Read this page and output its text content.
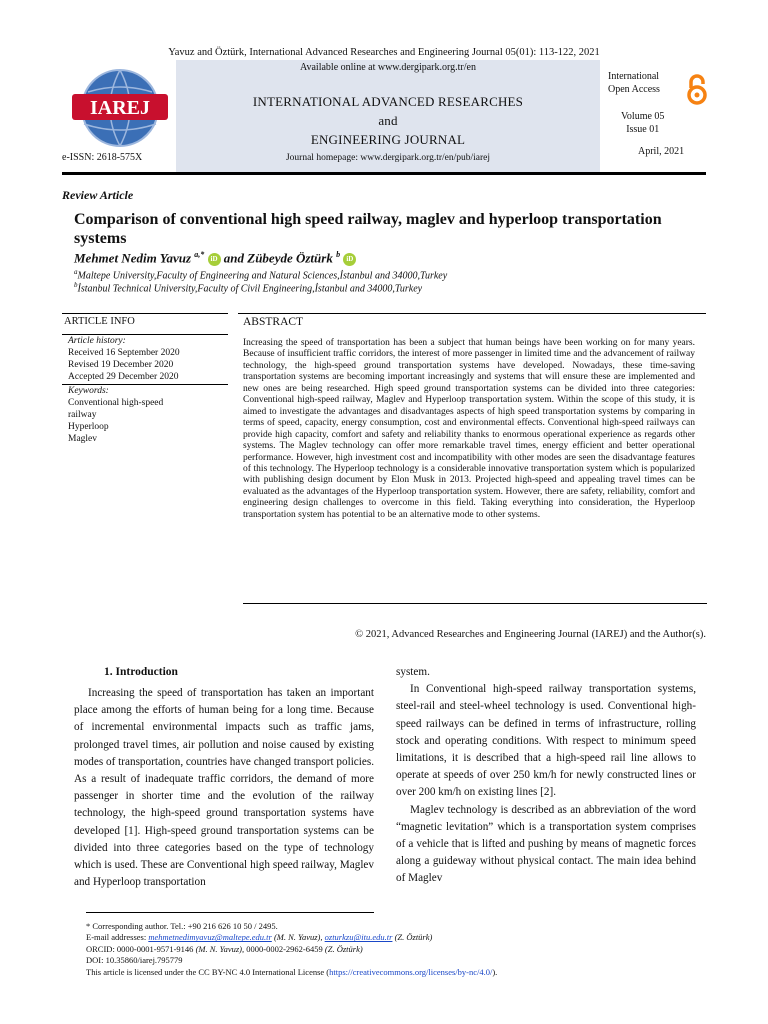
Yavuz and Öztürk, International Advanced Researches and Engineering Journal 05(01): 113-122, 2021
IAREJ
e-ISSN: 2618-575X
Available online at www.dergipark.org.tr/en
INTERNATIONAL ADVANCED RESEARCHES
and
ENGINEERING JOURNAL
Journal homepage: www.dergipark.org.tr/en/pub/iarej
International
Open Access
Volume 05
Issue 01
April, 2021
Review Article
Comparison of conventional high speed railway, maglev and hyperloop transportation systems
Mehmet Nedim Yavuz $^{a,*}$ iD and Zübeyde Öztürk $^b$ iD
$^a$Maltepe University,Faculty of Engineering and Natural Sciences,İstanbul and 34000,Turkey
$^b$İstanbul Technical University,Faculty of Civil Engineering,İstanbul and 34000,Turkey
ARTICLE INFO	ABSTRACT
Article history:
Received 16 September 2020
Revised 19 December 2020
Accepted 29 December 2020
Keywords:
Conventional high-speed railway
Hyperloop
Maglev
Increasing the speed of transportation has been a subject that human beings have been working on for many years. Because of insufficient traffic corridors, the interest of more passenger in limited time and the advancement of railway technology, the high-speed ground transportation systems have developed. Nowadays, these time-saving transportation systems are becoming important increasingly and systems that will ensure these are implemented and new ones are being researched. High speed ground transportation systems can be divided into three categories: Conventional high-speed railway, Maglev and Hyperloop transportation system. Within the scope of this study, it is aimed to investigate the advantages and disadvantages aspects of high speed transportation systems by comparing in terms of speed, capacity, energy consumption, cost and environmental effects. Conventional high-speed railways can provide high capacity, comfort and safety and reliability thanks to enormous operational experience as regards other systems. The Maglev technology can offer more remarkable travel times, energy efficient and better operational performance. However, high investment cost and incompatibility with other modes are seen the disadvantage features of this technology. The Hyperloop technology is a considerable innovative transportation system which is popularized with publishing design document by Elon Musk in 2013. Projected high-speed and appealing travel times can be evaluated as the advantages of the Hyperloop transportation system. However, there are safety, reliability, comfort and engineering design challenges to overcome in this field. Taking everything into consideration, the Hyperloop transportation system has potential to be an alternative mode to other systems.
© 2021, Advanced Researches and Engineering Journal (IAREJ) and the Author(s).
1. Introduction

Increasing the speed of transportation has taken an important place among the efforts of human being for a long time. Because of incremental environmental impacts such as traffic jams, prolonged travel times, air pollution and noise caused by existing modes of transportation, countries have changed transport policies. As a result of inadequate traffic corridors, the demand of more passenger in shorter time and the evolution of the railway technology, the high-speed ground transportation systems have developed [1]. High-speed ground transportation systems can be divided into three categories based on the type of technology which is used. These are Conventional high speed railway, Maglev and Hyperloop transportation

system.

In Conventional high-speed railway transportation systems, steel-rail and steel-wheel technology is used. Conventional high-speed railways can be defined in terms of infrastructure, rolling stock and operating conditions. With respect to minimum speed limitations, it is described that a high-speed rail line allows to operate at speeds of over 250 km/h for newly constructed lines or over 200 km/h on existing lines [2].

Maglev technology is described as an abbreviation of the word “magnetic levitation” which is a transportation system comprises of a vehicle that is lifted and pushing by means of magnetic forces along a guideway without physical contact. The main idea behind of Maglev

* Corresponding author. Tel.: +90 216 626 10 50 / 2495.
E-mail addresses: mehmetnedimyavuz@maltepe.edu.tr (M. N. Yavuz), ozturkzu@itu.edu.tr (Z. Öztürk)
ORCID: 0000-0001-9571-9146 (M. N. Yavuz), 0000-0002-2962-6459 (Z. Öztürk)
DOI: 10.35860/iarej.795779
This article is licensed under the CC BY-NC 4.0 International License (https://creativecommons.org/licenses/by-nc/4.0/).
